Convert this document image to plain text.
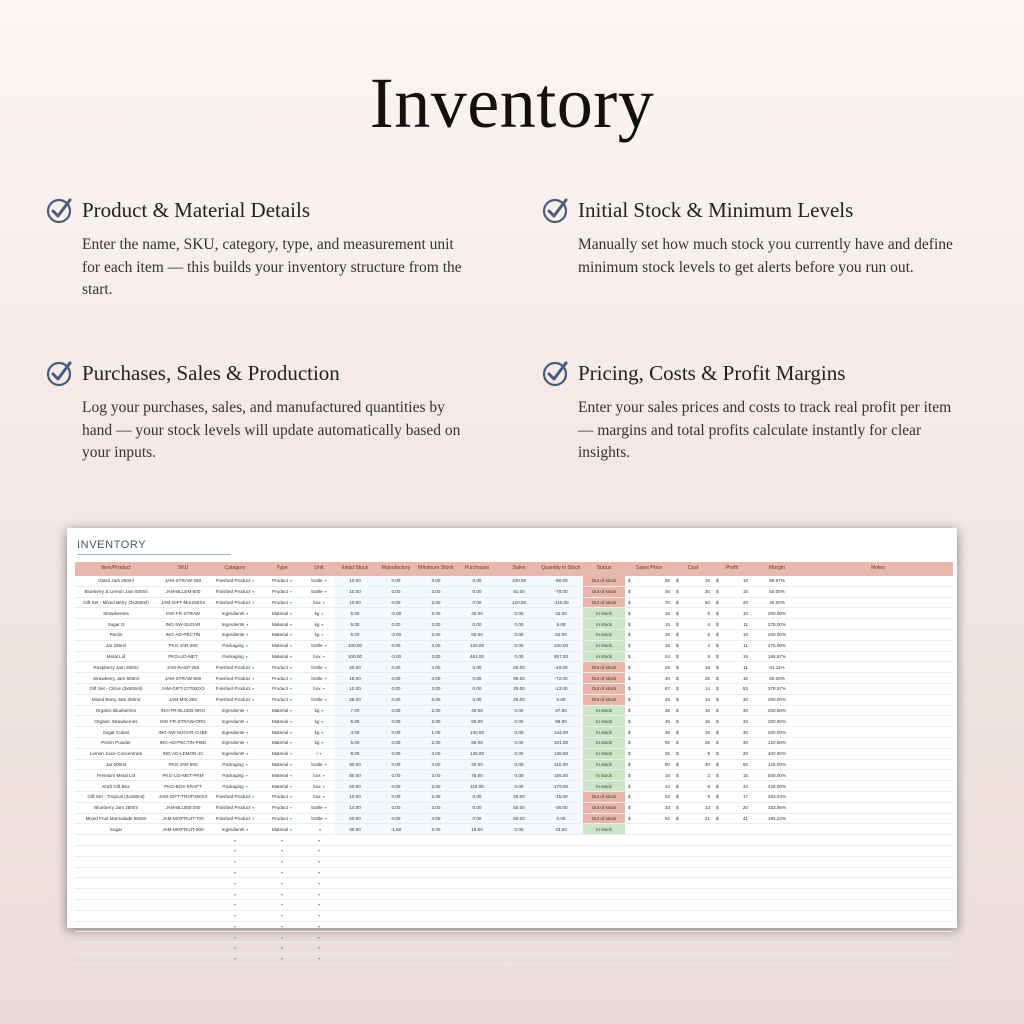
Inventory
Product & Material Details
Enter the name, SKU, category, type, and measurement unit for each item — this builds your inventory structure from the start.
Initial Stock & Minimum Levels
Manually set how much stock you currently have and define minimum stock levels to get alerts before you run out.
Purchases, Sales & Production
Log your purchases, sales, and manufactured quantities by hand — your stock levels will update automatically based on your inputs.
Pricing, Costs & Profit Margins
Enter your sales prices and costs to track real profit per item — margins and total profits calculate instantly for clear insights.
INVENTORY
Item/Product	SKU	Category	Type	Unit	Initial Stock	Manufactory	Minimum Stock	Purchases	Sales	Quantity in Stock	Status	Sales Price	Cost	Profit	Margin	Notes
Glass Jars 250ml	JAM-STRAW-250	Finished Product ▾	Product ▾	bottle ▾	10.00	0.00	3.00	0.00	100.00	-90.00	Out of stock	$	25 $	15 $	10	66.67%
Blueberry & Lemon Jam 500ml	JAM-BLLEM-500	Finished Product ▾	Product ▾	bottle ▾	10.00	0.00	3.00	0.00	91.00	-78.00	Out of stock	$	45 $	30 $	15	50.00%
Gift Set - Mixed Berry (3x250ml)	JAM-GIFT-MIX250X3	Finished Product ▾	Product ▾	box ▾	10.00	0.00	2.00	0.00	120.00	-110.00	Out of stock	$	70 $	50 $	20	40.00%
Strawberries	ING-FR-STRAW	Ingredients ▾	Material ▾	kg ▾	5.00	-3.00	2.00	40.00	0.00	42.00	In stock	$	15 $	5 $	10	200.00%
Sugar D	ING-SW-SUGAR	Ingredients ▾	Material ▾	kg ▾	5.00	0.00	2.00	0.00	0.00	5.00	In stock	$	15 $	4 $	11	275.00%
Pectin	ING-AD-PECTIN	Ingredients ▾	Material ▾	kg ▾	5.00	-3.00	2.00	60.00	0.00	62.00	In stock	$	15 $	5 $	10	200.00%
Jar 250ml	PKG-JAR-250	Packaging ▾	Material ▾	bottle ▾	100.00	0.00	3.00	120.00	0.00	220.00	In stock	$	15 $	4 $	11	275.00%
Metal Lid	PKG-LID-MET	Packaging ▾	Material ▾	box ▾	100.00	-3.00	3.00	461.00	0.00	557.00	In stock	$	24 $	9 $	15	166.67%
Raspberry Jam 250ml	JAM-RASP-250	Finished Product ▾	Product ▾	bottle ▾	20.00	0.00	4.00	0.00	60.00	-40.00	Out of stock	$	29 $	18 $	11	61.11%
Strawberry Jam 500ml	JAM-STRAW-500	Finished Product ▾	Product ▾	bottle ▾	18.00	0.00	4.00	0.00	90.00	-72.00	Out of stock	$	40 $	25 $	15	60.00%
Gift Set - Citrus (3x500ml)	JAM-GIFT-CIT500X3	Finished Product ▾	Product ▾	box ▾	12.00	0.00	3.00	0.00	25.00	-13.00	Out of stock	$	67 $	14 $	53	378.57%
Mixed Berry Jam 250ml	JAM-MIX-250	Finished Product ▾	Product ▾	bottle ▾	25.00	0.00	5.00	0.00	25.00	0.00	Out of stock	$	45 $	15 $	30	200.00%
Organic Blueberries	ING-FR-BLUEB-ORG	Ingredients ▾	Material ▾	kg ▾	7.00	0.00	2.00	40.00	0.00	47.00	In stock	$	45 $	15 $	30	200.00%
Organic Strawberries	ING-FR-STRAW-ORG	Ingredients ▾	Material ▾	kg ▾	6.00	0.00	2.00	90.00	0.00	96.00	In stock	$	45 $	15 $	30	200.00%
Sugar Cubes	ING-SW-SUGAR-CUBE	Ingredients ▾	Material ▾	kg ▾	4.00	0.00	1.00	140.00	0.00	144.00	In stock	$	45 $	15 $	30	200.00%
Pectin Powder	ING-AD-PECTIN-PWD	Ingredients ▾	Material ▾	kg ▾	5.00	0.00	2.00	96.00	0.00	101.00	In stock	$	55 $	25 $	30	120.00%
Lemon Juice Concentrate	ING-AD-LEMON-JC	Ingredients ▾	Material ▾	l ▾	8.00	0.00	3.00	130.00	0.00	138.00	In stock	$	25 $	5 $	20	400.00%
Jar 500ml	PKG-JAR-500	Packaging ▾	Material ▾	bottle ▾	90.00	0.00	4.00	20.00	0.00	110.00	In stock	$	90 $	40 $	50	125.00%
Premium Metal Lid	PKG-LID-MET-PRM	Packaging ▾	Material ▾	box ▾	80.00	0.00	3.00	75.00	0.00	155.00	In stock	$	18 $	3 $	15	500.00%
Kraft Gift Box	PKG-BOX-KRAFT	Packaging ▾	Material ▾	box ▾	60.00	0.00	2.00	119.00	0.00	179.00	In stock	$	42 $	8 $	34	425.00%
Gift Set - Tropical (3x250ml)	JAM-GIFT-TROP250X3	Finished Product ▾	Product ▾	box ▾	10.00	0.00	2.00	0.00	25.00	-15.00	Out of stock	$	23 $	6 $	17	283.33%
Blueberry Jam 250ml	JAM-BLUEB-250	Finished Product ▾	Product ▾	bottle ▾	14.00	0.00	3.00	0.00	50.00	-36.00	Out of stock	$	33 $	13 $	20	153.85%
Mixed Fruit Marmalade 500ml	JAM-MIXFRUIT-700	Finished Product ▾	Product ▾	bottle ▾	60.00	0.00	4.00	0.00	60.00	0.00	Out of stock	$	62 $	21 $	41	195.24%
Sugar	JAM-MIXFRUIT-900	Ingredients ▾	Material ▾	▾	30.00	-1.50	2.00	15.00	0.00	43.50	In stock
▾	▾	▾
▾	▾	▾
▾	▾	▾
▾	▾	▾
▾	▾	▾
▾	▾	▾
▾	▾	▾
▾	▾	▾
▾	▾	▾
▾	▾	▾
▾	▾	▾
▾	▾	▾
